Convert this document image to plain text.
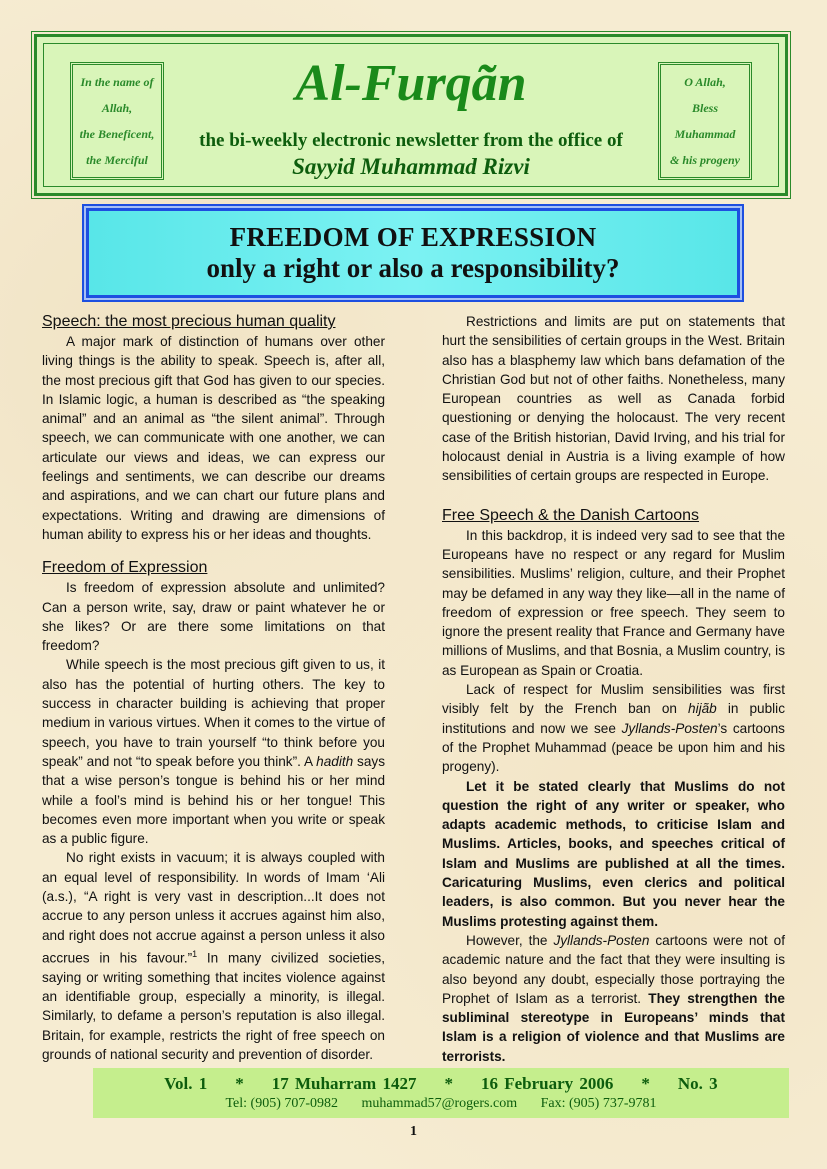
In the name of
Allah,
the Beneficent,
the Merciful
Al-Furqãn
the bi-weekly electronic newsletter from the office of
Sayyid Muhammad Rizvi
O Allah,
Bless
Muhammad
& his progeny
FREEDOM OF EXPRESSION
only a right or also a responsibility?
Speech: the most precious human quality

A major mark of distinction of humans over other living things is the ability to speak. Speech is, after all, the most precious gift that God has given to our species. In Islamic logic, a human is described as “the speaking animal” and an animal as “the silent animal”. Through speech, we can communicate with one another, we can articulate our views and ideas, we can express our feelings and sentiments, we can describe our dreams and aspirations, and we can chart our future plans and expectations. Writing and drawing are dimensions of human ability to express his or her ideas and thoughts.

Freedom of Expression

Is freedom of expression absolute and unlimited? Can a person write, say, draw or paint whatever he or she likes? Or are there some limitations on that freedom?

While speech is the most precious gift given to us, it also has the potential of hurting others. The key to success in character building is achieving that proper medium in various virtues. When it comes to the virtue of speech, you have to train yourself “to think before you speak” and not “to speak before you think”. A hadith says that a wise person’s tongue is behind his or her mind while a fool’s mind is behind his or her tongue! This becomes even more important when you write or speak as a public figure.

No right exists in vacuum; it is always coupled with an equal level of responsibility. In words of Imam ‘Ali (a.s.), “A right is very vast in description...It does not accrue to any person unless it accrues against him also, and right does not accrue against a person unless it also accrues in his favour.”$^1$ In many civilized societies, saying or writing something that incites violence against an identifiable group, especially a minority, is illegal. Similarly, to defame a person’s reputation is also illegal. Britain, for example, restricts the right of free speech on grounds of national security and prevention of disorder.

Restrictions and limits are put on statements that hurt the sensibilities of certain groups in the West. Britain also has a blasphemy law which bans defamation of the Christian God but not of other faiths. Nonetheless, many European countries as well as Canada forbid questioning or denying the holocaust. The very recent case of the British historian, David Irving, and his trial for holocaust denial in Austria is a living example of how sensibilities of certain groups are respected in Europe.

Free Speech & the Danish Cartoons

In this backdrop, it is indeed very sad to see that the Europeans have no respect or any regard for Muslim sensibilities. Muslims’ religion, culture, and their Prophet may be defamed in any way they like—all in the name of freedom of expression or free speech. They seem to ignore the present reality that France and Germany have millions of Muslims, and that Bosnia, a Muslim country, is as European as Spain or Croatia.

Lack of respect for Muslim sensibilities was first visibly felt by the French ban on hijãb in public institutions and now we see Jyllands-Posten’s cartoons of the Prophet Muhammad (peace be upon him and his progeny).

Let it be stated clearly that Muslims do not question the right of any writer or speaker, who adapts academic methods, to criticise Islam and Muslims. Articles, books, and speeches critical of Islam and Muslims are published at all the times. Caricaturing Muslims, even clerics and political leaders, is also common. But you never hear the Muslims protesting against them.

However, the Jyllands-Posten cartoons were not of academic nature and the fact that they were insulting is also beyond any doubt, especially those portraying the Prophet of Islam as a terrorist. They strengthen the subliminal stereotype in Europeans’ minds that Islam is a religion of violence and that Muslims are terrorists.

Vol. 1 * 17 Muharram 1427 * 16 February 2006 * No. 3
Tel: (905) 707-0982 muhammad57@rogers.com Fax: (905) 737-9781
1
